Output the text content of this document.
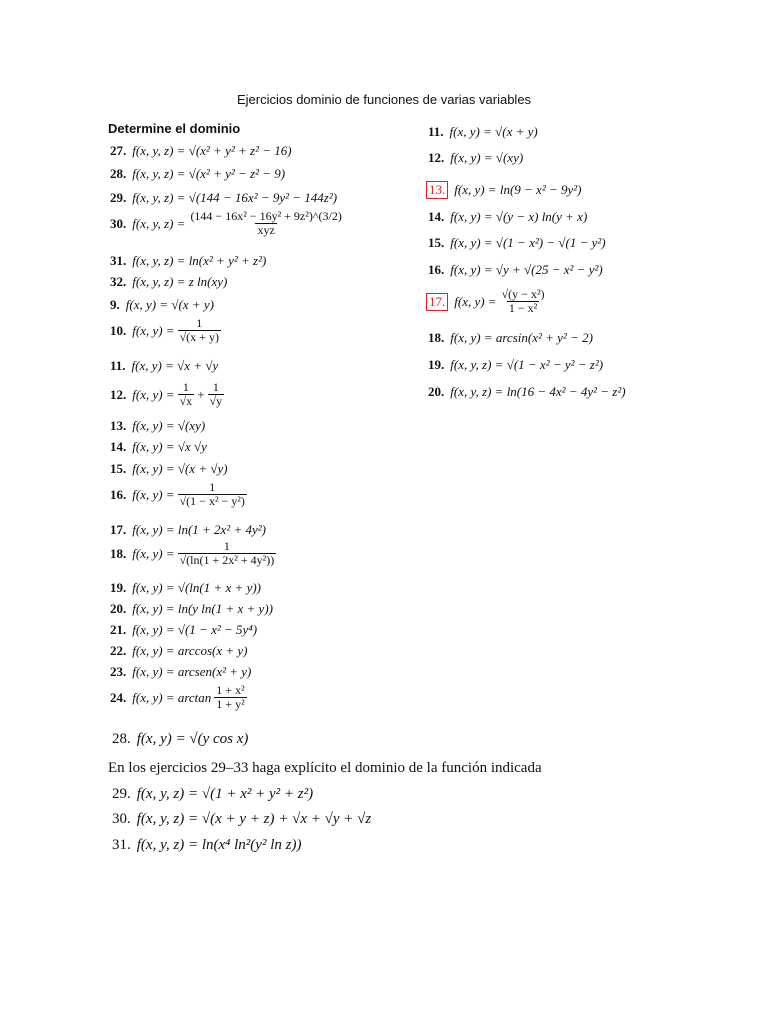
Ejercicios dominio de funciones de varias variables
Determine el dominio
27. f(x, y, z) =
√(x² + y² + z² − 16)
28. f(x, y, z) =
√(x² + y² − z² − 9)
29. f(x, y, z) =
√(144 − 16x² − 9y² − 144z²)
30. f(x, y, $z) = \frac{\text{(144 − 16x² − 16y² + 9z²)\textasciicircum{}(3/2)}}{\text{xyz}}$
31. f(x, y, z) =
ln(x² + y² + z²)
32. f(x, y, z) =
z ln(xy)
9. f(x, y) =
√(x + y)
10. f(x, $y) = \frac{1}{√(x + y)}$
11. f(x, y) =
√x + √y
12. f(x, $y) = \frac{1}{√x} + \frac{1}{√y}$
13. f(x, y) =
√(xy)
14. f(x, y) =
√x √y
15. f(x, y) =
√(x + √y)
16. f(x, $y) = \frac{1}{\text{√(1 − x² − y²)}}$
17. f(x, y) =
ln(1 + 2x² + 4y²)
18. f(x, $y) = \frac{1}{\text{√(ln(1 + 2x² + 4y²))}}$
19. f(x, y) =
√(ln(1 + x + y))
20. f(x, y) =
ln(y ln(1 + x + y))
21. f(x, y) =
√(1 − x² − 5y⁴)
22. f(x, y) =
arccos(x + y)
23. f(x, y) =
arcsen(x² + y)
24. f(x, $y) = \arctan \frac{\text{1 + x²}}{\text{1 + y²}}$
11. f(x, y) =
√(x + y)
12. f(x, y) =
√(xy)
13. f(x, y) =
ln(9 − x² − 9y²)
14. f(x, y) =
√(y − x) ln(y + x)
15. f(x, y) =
√(1 − x²) − √(1 − y²)
16. f(x, y) =
√y + √(25 − x² − y²)
17. f(x, $y) = \frac{\text{√(y − x²)}}{\text{1 − x²}}$
18. f(x, y) =
arcsin(x² + y² − 2)
19. f(x, y, z) =
√(1 − x² − y² − z²)
20. f(x, y, z) =
ln(16 − 4x² − 4y² − z²)
28. f(x, y) =
√(y cos x)
En los ejercicios 29–33 haga explícito el dominio de la función indicada
29. f(x, y, z) =
√(1 + x² + y² + z²)
30. f(x, y, z) =
√(x + y + z) + √x + √y + √z
31. f(x, y, z) =
ln(x⁴ ln²(y² ln z))
